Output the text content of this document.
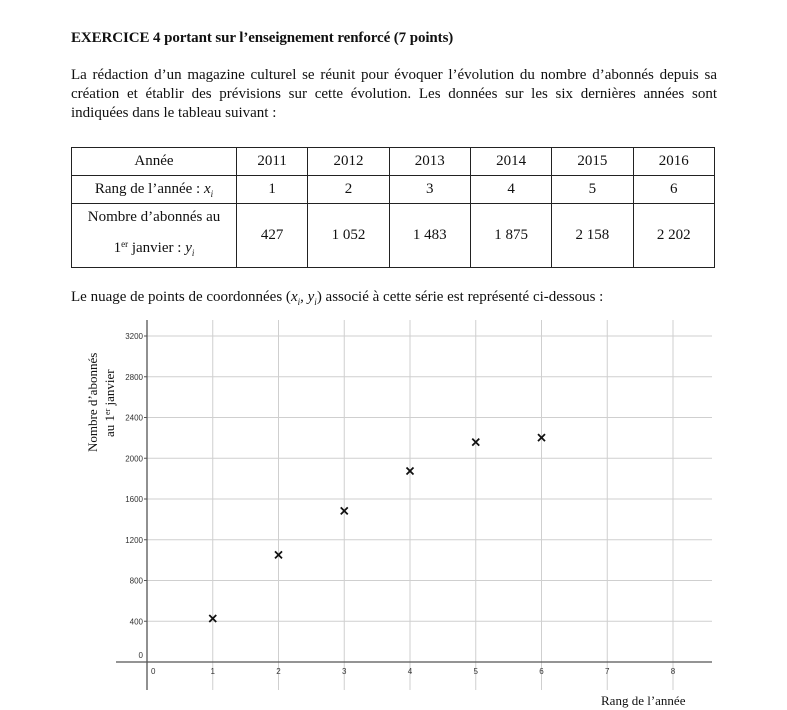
EXERCICE 4 portant sur l’enseignement renforcé (7 points)
La rédaction d’un magazine culturel se réunit pour évoquer l’évolution du nombre d’abonnés depuis sa création et établir des prévisions sur cette évolution. Les données sur les six dernières années sont indiquées dans le tableau suivant :
Année	2011	2012	2013	2014	2015	2016
Rang de l’année : $x_i$	1	2	3	4	5	6

Nombre d’abonnés au
1er janvier : $y_i$	427	1 052	1 483	1 875	2 158	2 202
Le nuage de points de coordonnées ($x_i$, $y_i$) associé à cette série est représenté ci-dessous :
0
400
800
1200
1600
2000
2400
2800
3200
0	1	2	3	4	5	6	7	8
Nombre d’abonnés au 1er janvier
Rang de l’année
